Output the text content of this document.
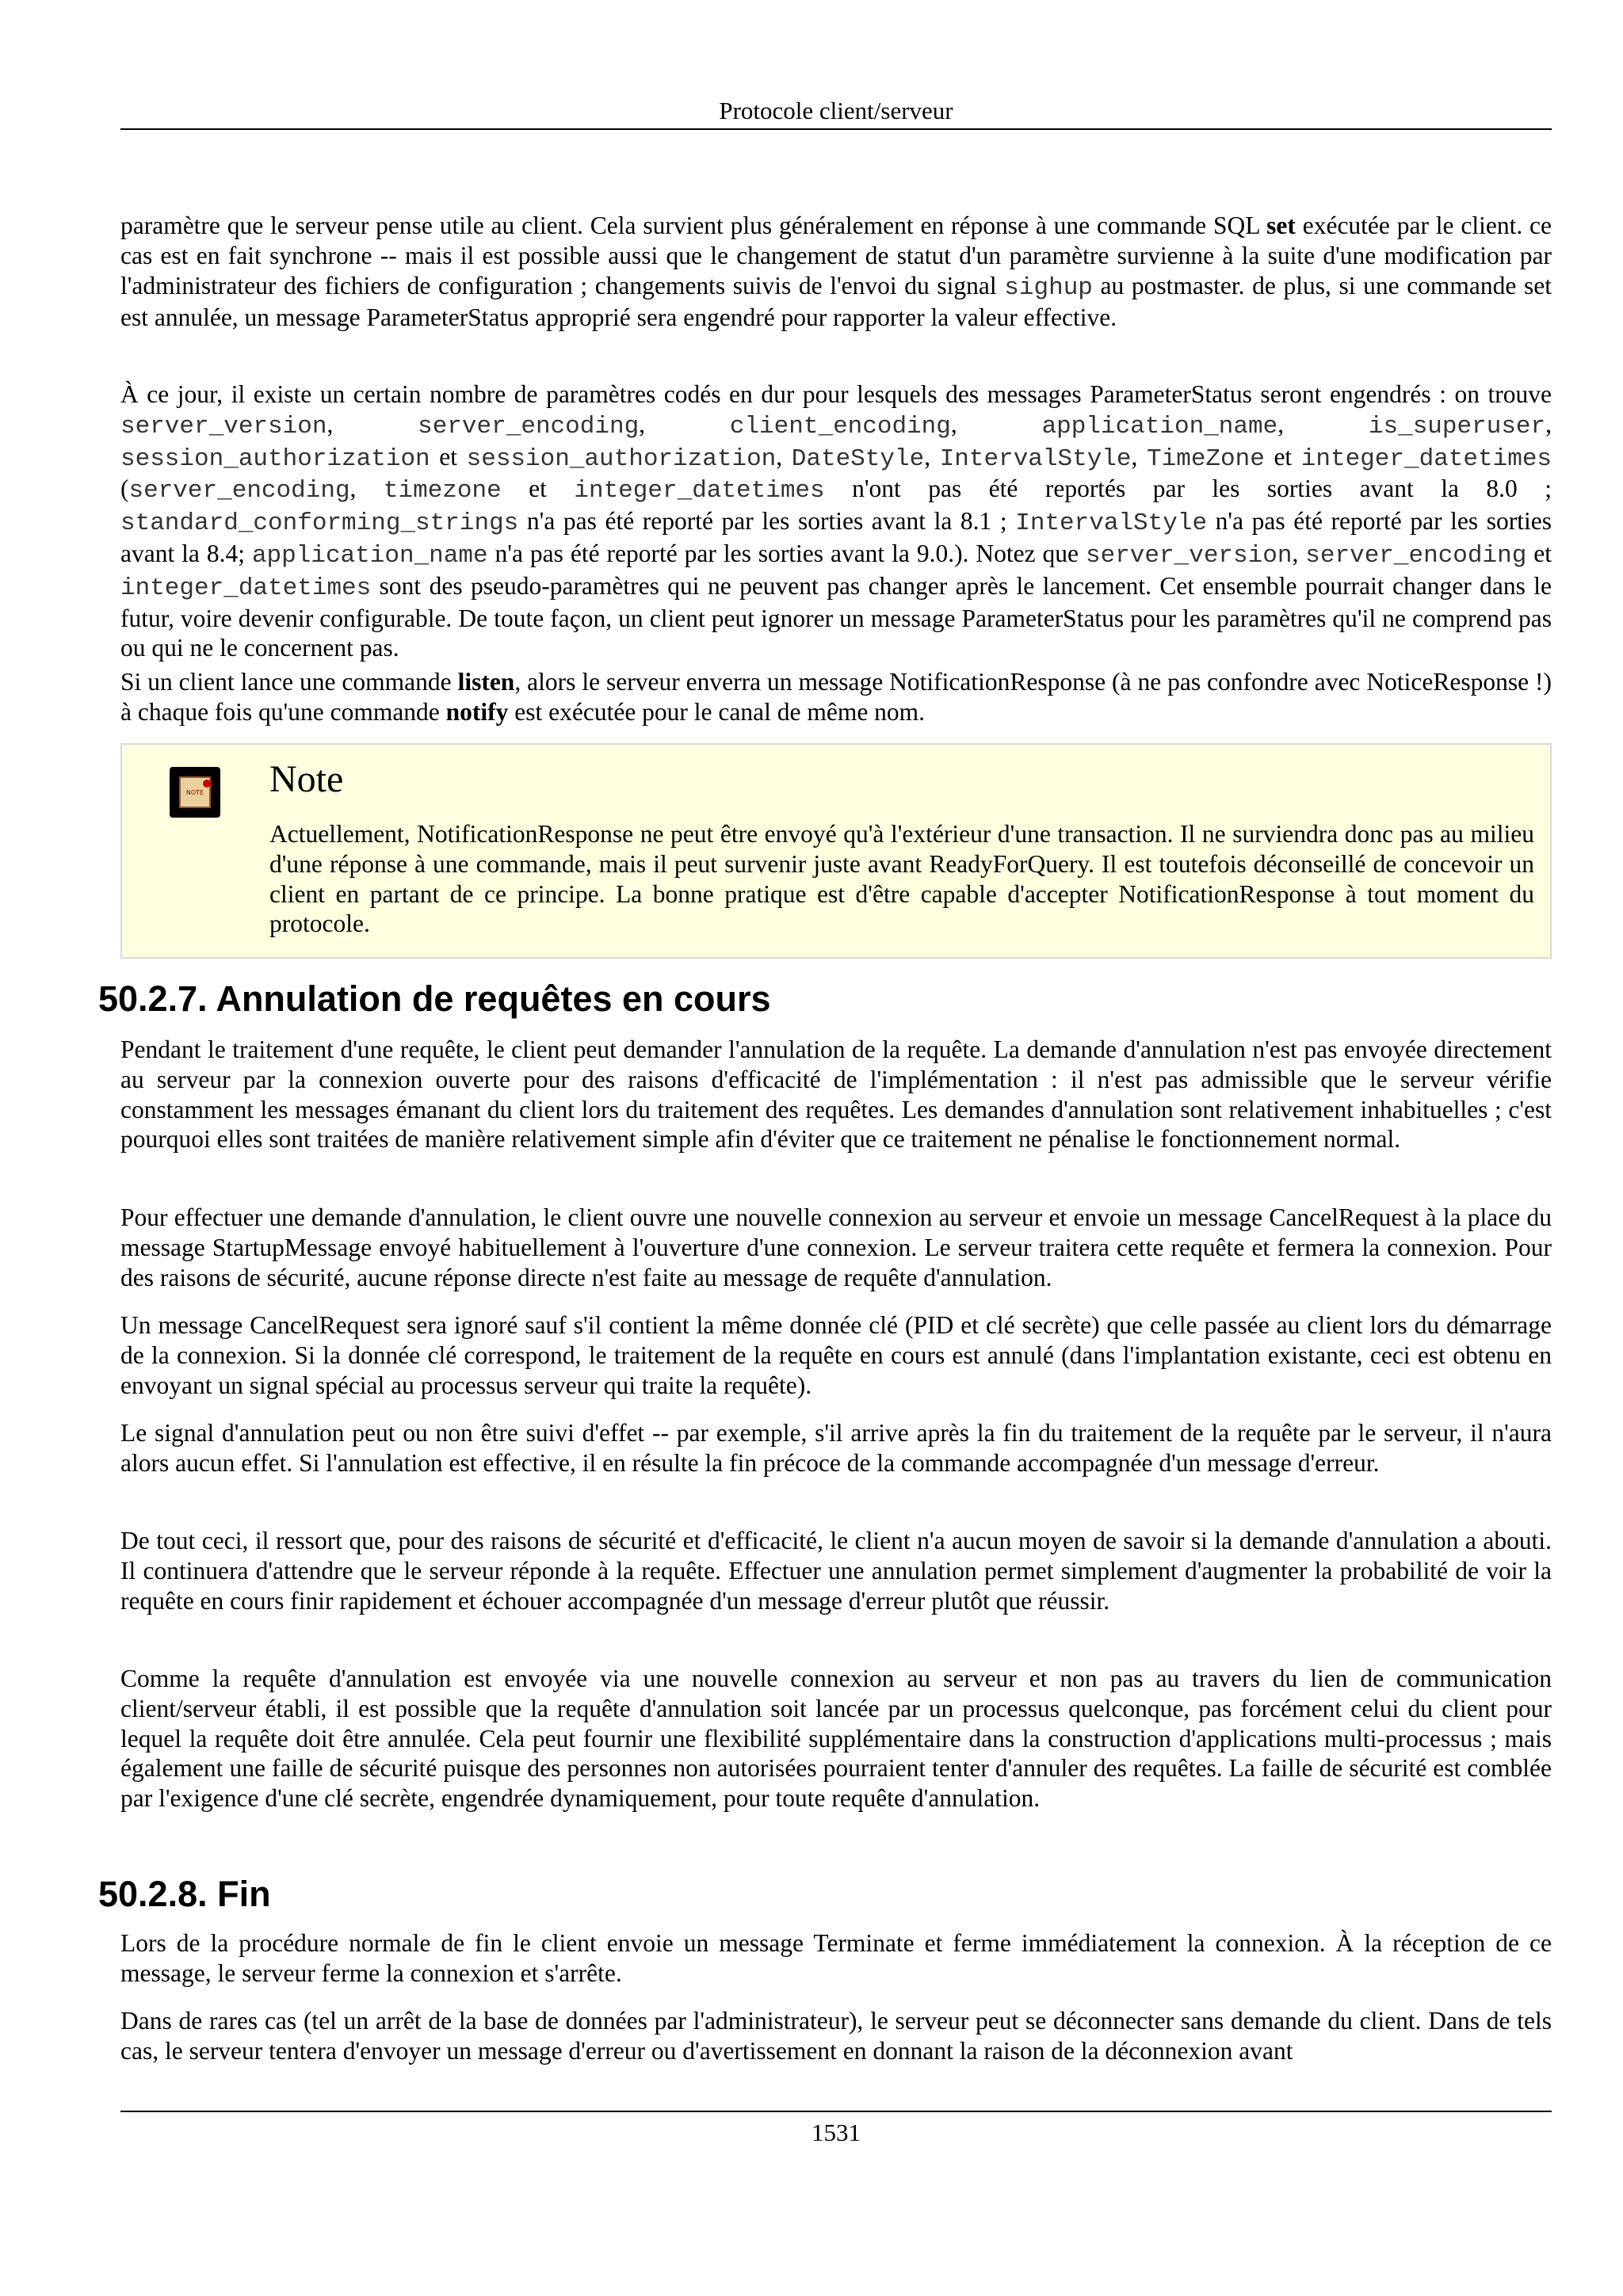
Protocole client/serveur

paramètre que le serveur pense utile au client. Cela survient plus généralement en réponse à une commande SQL set exécutée par le client. ce cas est en fait synchrone -- mais il est possible aussi que le changement de statut d'un paramètre survienne à la suite d'une modification par l'administrateur des fichiers de configuration ; changements suivis de l'envoi du signal sighup au postmaster. de plus, si une commande set est annulée, un message ParameterStatus approprié sera engendré pour rapporter la valeur effective.

À ce jour, il existe un certain nombre de paramètres codés en dur pour lesquels des messages ParameterStatus seront engendrés : on trouve server_version, server_encoding, client_encoding, application_name, is_superuser, session_authorization et session_authorization, DateStyle, IntervalStyle, TimeZone et integer_datetimes (server_encoding, timezone et integer_datetimes n'ont pas été reportés par les sorties avant la 8.0 ; standard_conforming_strings n'a pas été reporté par les sorties avant la 8.1 ; IntervalStyle n'a pas été reporté par les sorties avant la 8.4; application_name n'a pas été reporté par les sorties avant la 9.0.). Notez que server_version, server_encoding et integer_datetimes sont des pseudo-paramètres qui ne peuvent pas changer après le lancement. Cet ensemble pourrait changer dans le futur, voire devenir configurable. De toute façon, un client peut ignorer un message ParameterStatus pour les paramètres qu'il ne comprend pas ou qui ne le concernent pas.

Si un client lance une commande listen, alors le serveur enverra un message NotificationResponse (à ne pas confondre avec NoticeResponse !) à chaque fois qu'une commande notify est exécutée pour le canal de même nom.

NOTE Note

Actuellement, NotificationResponse ne peut être envoyé qu'à l'extérieur d'une transaction. Il ne surviendra donc pas au milieu d'une réponse à une commande, mais il peut survenir juste avant ReadyForQuery. Il est toutefois déconseillé de concevoir un client en partant de ce principe. La bonne pratique est d'être capable d'accepter NotificationResponse à tout moment du protocole.

50.2.7. Annulation de requêtes en cours

Pendant le traitement d'une requête, le client peut demander l'annulation de la requête. La demande d'annulation n'est pas envoyée directement au serveur par la connexion ouverte pour des raisons d'efficacité de l'implémentation : il n'est pas admissible que le serveur vérifie constamment les messages émanant du client lors du traitement des requêtes. Les demandes d'annulation sont relativement inhabituelles ; c'est pourquoi elles sont traitées de manière relativement simple afin d'éviter que ce traitement ne pénalise le fonctionnement normal.

Pour effectuer une demande d'annulation, le client ouvre une nouvelle connexion au serveur et envoie un message CancelRequest à la place du message StartupMessage envoyé habituellement à l'ouverture d'une connexion. Le serveur traitera cette requête et fermera la connexion. Pour des raisons de sécurité, aucune réponse directe n'est faite au message de requête d'annulation.

Un message CancelRequest sera ignoré sauf s'il contient la même donnée clé (PID et clé secrète) que celle passée au client lors du démarrage de la connexion. Si la donnée clé correspond, le traitement de la requête en cours est annulé (dans l'implantation existante, ceci est obtenu en envoyant un signal spécial au processus serveur qui traite la requête).

Le signal d'annulation peut ou non être suivi d'effet -- par exemple, s'il arrive après la fin du traitement de la requête par le serveur, il n'aura alors aucun effet. Si l'annulation est effective, il en résulte la fin précoce de la commande accompagnée d'un message d'erreur.

De tout ceci, il ressort que, pour des raisons de sécurité et d'efficacité, le client n'a aucun moyen de savoir si la demande d'annulation a abouti. Il continuera d'attendre que le serveur réponde à la requête. Effectuer une annulation permet simplement d'augmenter la probabilité de voir la requête en cours finir rapidement et échouer accompagnée d'un message d'erreur plutôt que réussir.

Comme la requête d'annulation est envoyée via une nouvelle connexion au serveur et non pas au travers du lien de communication client/serveur établi, il est possible que la requête d'annulation soit lancée par un processus quelconque, pas forcément celui du client pour lequel la requête doit être annulée. Cela peut fournir une flexibilité supplémentaire dans la construction d'applications multi-processus ; mais également une faille de sécurité puisque des personnes non autorisées pourraient tenter d'annuler des requêtes. La faille de sécurité est comblée par l'exigence d'une clé secrète, engendrée dynamiquement, pour toute requête d'annulation.

50.2.8. Fin

Lors de la procédure normale de fin le client envoie un message Terminate et ferme immédiatement la connexion. À la réception de ce message, le serveur ferme la connexion et s'arrête.

Dans de rares cas (tel un arrêt de la base de données par l'administrateur), le serveur peut se déconnecter sans demande du client. Dans de tels cas, le serveur tentera d'envoyer un message d'erreur ou d'avertissement en donnant la raison de la déconnexion avant

1531
